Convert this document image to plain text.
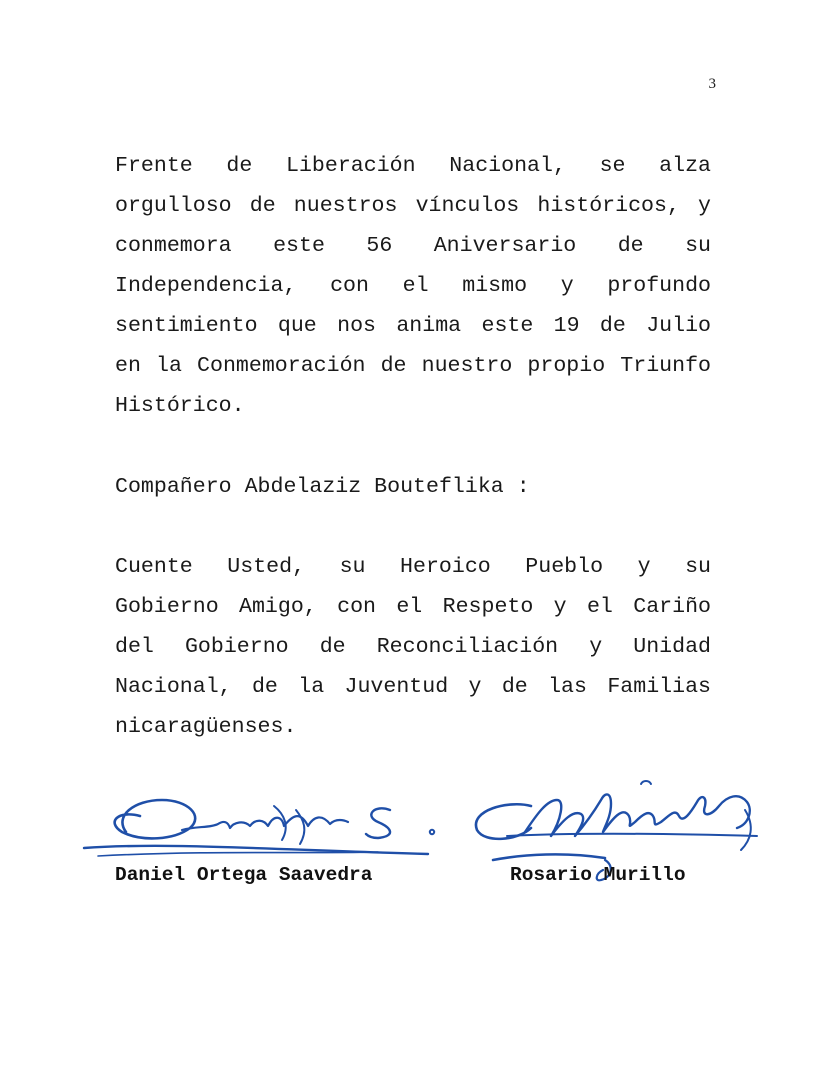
3
Frente de Liberación Nacional, se alza
orgulloso de nuestros vínculos históricos, y
conmemora este 56 Aniversario de su
Independencia, con el mismo y profundo
sentimiento que nos anima este 19 de Julio
en la Conmemoración de nuestro propio Triunfo
Histórico.
Compañero Abdelaziz Bouteflika :
Cuente Usted, su Heroico Pueblo y su
Gobierno Amigo, con el Respeto y el Cariño
del Gobierno de Reconciliación y Unidad
Nacional, de la Juventud y de las Familias
nicaragüenses.
Daniel Ortega Saavedra	Rosario Murillo
